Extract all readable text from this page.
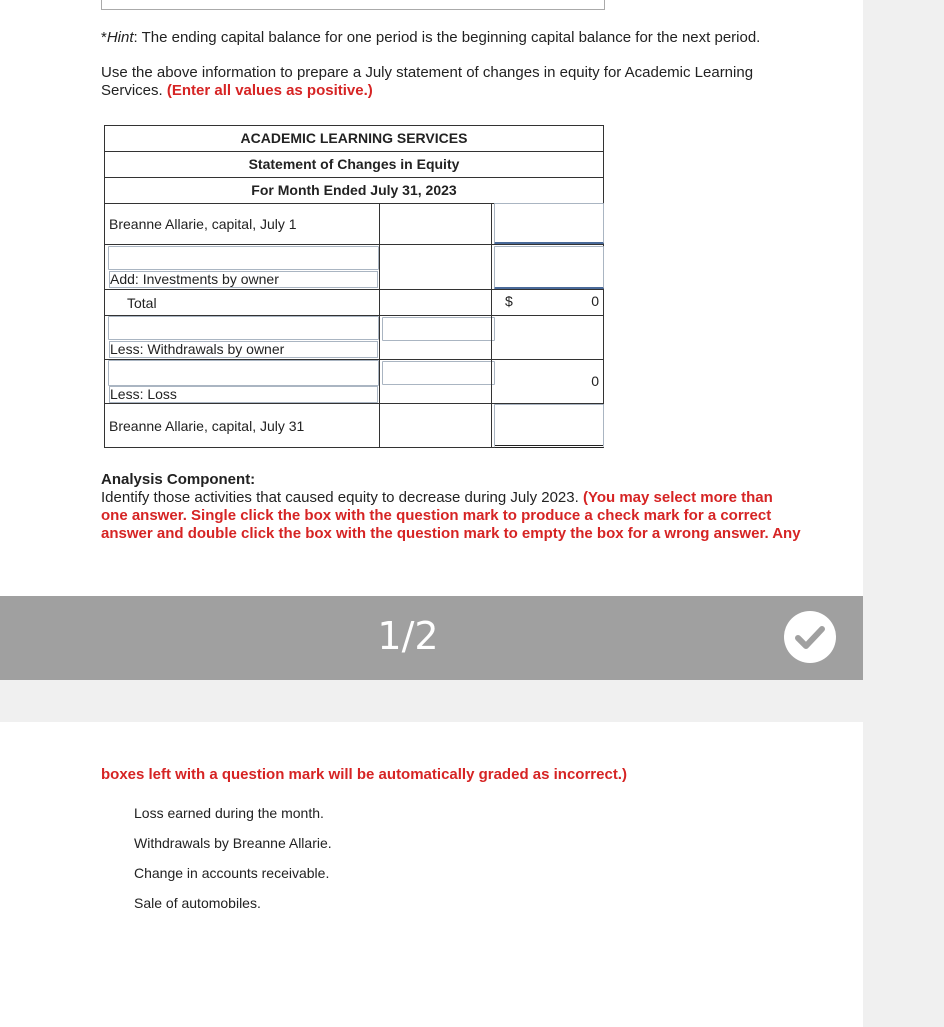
*Hint: The ending capital balance for one period is the beginning capital balance for the next period.

Use the above information to prepare a July statement of changes in equity for Academic Learning Services. (Enter all values as positive.)

ACADEMIC LEARNING SERVICES
Statement of Changes in Equity
For Month Ended July 31, 2023
Breanne Allarie, capital, July 1
Add: Investments by owner
Total	$	0
Less: Withdrawals by owner
Less: Loss
0
Breanne Allarie, capital, July 31

Analysis Component:

Identify those activities that caused equity to decrease during July 2023. (You may select more than one answer. Single click the box with the question mark to produce a check mark for a correct answer and double click the box with the question mark to empty the box for a wrong answer. Any

1/2

boxes left with a question mark will be automatically graded as incorrect.)

Loss earned during the month.
Withdrawals by Breanne Allarie.
Change in accounts receivable.
Sale of automobiles.
